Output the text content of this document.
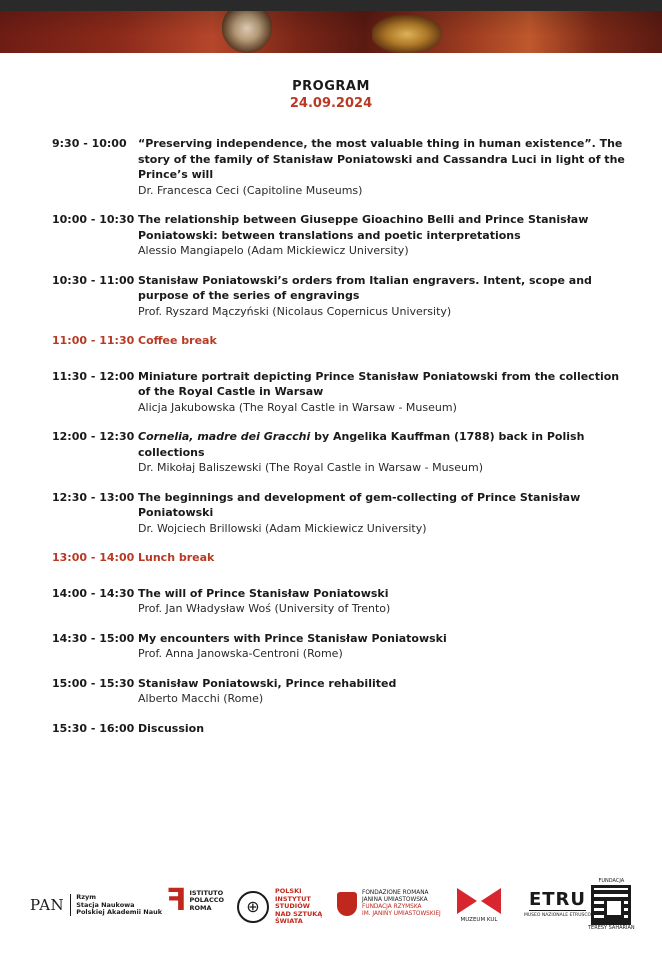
PROGRAM
24.09.2024
9:30 - 10:00	“Preserving independence, the most valuable thing in human existence”. The story of the family of Stanisław Poniatowski and Cassandra Luci in light of the Prince’s will
Dr. Francesca Ceci (Capitoline Museums)
10:00 - 10:30 The relationship between Giuseppe Gioachino Belli and Prince Stanisław Poniatowski: between translations and poetic interpretations
Alessio Mangiapelo (Adam Mickiewicz University)
10:30 - 11:00 Stanisław Poniatowski’s orders from Italian engravers. Intent, scope and purpose of the series of engravings
Prof. Ryszard Mączyński (Nicolaus Copernicus University)
11:00 - 11:30 Coffee break
11:30 - 12:00 Miniature portrait depicting Prince Stanisław Poniatowski from the collection of the Royal Castle in Warsaw
Alicja Jakubowska (The Royal Castle in Warsaw - Museum)
12:00 - 12:30 Cornelia, madre dei Gracchi by Angelika Kauffman (1788) back in Polish collections
Dr. Mikołaj Baliszewski (The Royal Castle in Warsaw - Museum)
12:30 - 13:00 The beginnings and development of gem-collecting of Prince Stanisław Poniatowski
Dr. Wojciech Brillowski (Adam Mickiewicz University)
13:00 - 14:00 Lunch break
14:00 - 14:30 The will of Prince Stanisław Poniatowski
Prof. Jan Władysław Woś (University of Trento)
14:30 - 15:00 My encounters with Prince Stanisław Poniatowski
Prof. Anna Janowska-Centroni (Rome)
15:00 - 15:30 Stanisław Poniatowski, Prince rehabilited
Alberto Macchi (Rome)
15:30 - 16:00 Discussion
PAN	Rzym
Stacja Naukowa
Polskiej Akademii Nauk ꟻ ISTITUTO
POLACCO
ROMA	⊕
POLSKI
INSTYTUT
STUDIÓW
NAD SZTUKĄ
ŚWIATA
FONDAZIONE ROMANA
JANINA UMIASTOWSKA
FUNDACJA RZYMSKA
IM. JANINY UMIASTOWSKIEJ
MUZEUM KUL
ETRU
MUSEO NAZIONALE ETRUSCO
FUNDACJA
TERESY SAHARIAN
